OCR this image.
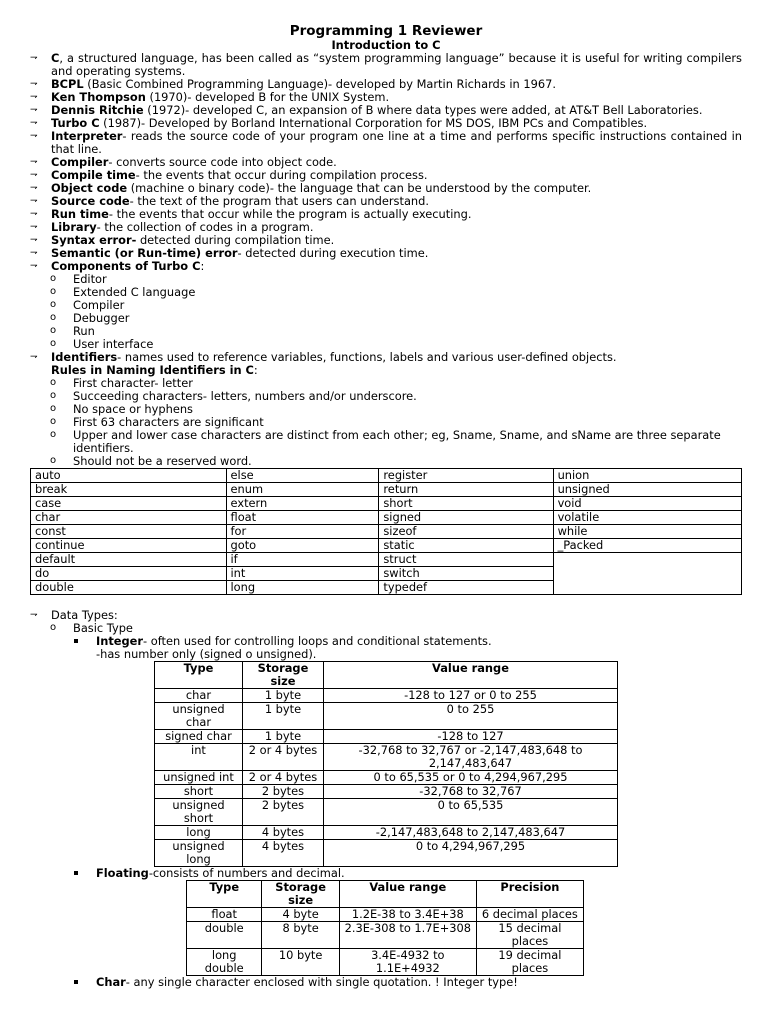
Programming 1 Reviewer
Introduction to C
⇁ C, a structured language, has been called as “system programming language” because it is useful for writing compilers and operating systems.
⇁ BCPL (Basic Combined Programming Language)- developed by Martin Richards in 1967.
⇁ Ken Thompson (1970)- developed B for the UNIX System.
⇁ Dennis Ritchie (1972)- developed C, an expansion of B where data types were added, at AT&T Bell Laboratories.
⇁ Turbo C (1987)- Developed by Borland International Corporation for MS DOS, IBM PCs and Compatibles.
⇁ Interpreter- reads the source code of your program one line at a time and performs specific instructions contained in that line.
⇁ Compiler- converts source code into object code.
⇁ Compile time- the events that occur during compilation process.
⇁ Object code (machine o binary code)- the language that can be understood by the computer.
⇁ Source code- the text of the program that users can understand.
⇁ Run time- the events that occur while the program is actually executing.
⇁ Library- the collection of codes in a program.
⇁ Syntax error- detected during compilation time.
⇁ Semantic (or Run-time) error- detected during execution time.
⇁ Components of Turbo C:
o Editor
o Extended C language
o Compiler
o Debugger
o Run
o User interface
⇁ Identifiers- names used to reference variables, functions, labels and various user-defined objects.
Rules in Naming Identifiers in C:
o First character- letter
o Succeeding characters- letters, numbers and/or underscore.
o No space or hyphens
o First 63 characters are significant
o Upper and lower case characters are distinct from each other; eg, Sname, Sname, and sName are three separate identifiers.
o Should not be a reserved word.
auto	else	register	union
break	enum	return	unsigned
case	extern	short	void
char	float	signed	volatile
const	for	sizeof	while
continue	goto	static	_Packed
default	if	struct	
do	int	switch	
double	long	typedef	
⇁ Data Types:
o Basic Type
Integer- often used for controlling loops and conditional statements.
-has number only (signed o unsigned).
Type	Storage size	Value range
char	1 byte	-128 to 127 or 0 to 255
unsigned char	1 byte	0 to 255
signed char	1 byte	-128 to 127
int	2 or 4 bytes	-32,768 to 32,767 or -2,147,483,648 to 2,147,483,647
unsigned int	2 or 4 bytes	0 to 65,535 or 0 to 4,294,967,295
short	2 bytes	-32,768 to 32,767
unsigned short	2 bytes	0 to 65,535
long	4 bytes	-2,147,483,648 to 2,147,483,647
unsigned long	4 bytes	0 to 4,294,967,295
Floating-consists of numbers and decimal.
Type	Storage size	Value range	Precision
float	4 byte	1.2E-38 to 3.4E+38	6 decimal places
double	8 byte	2.3E-308 to 1.7E+308	15 decimal places
long double	10 byte	3.4E-4932 to 1.1E+4932	19 decimal places
Char- any single character enclosed with single quotation. ! Integer type!
